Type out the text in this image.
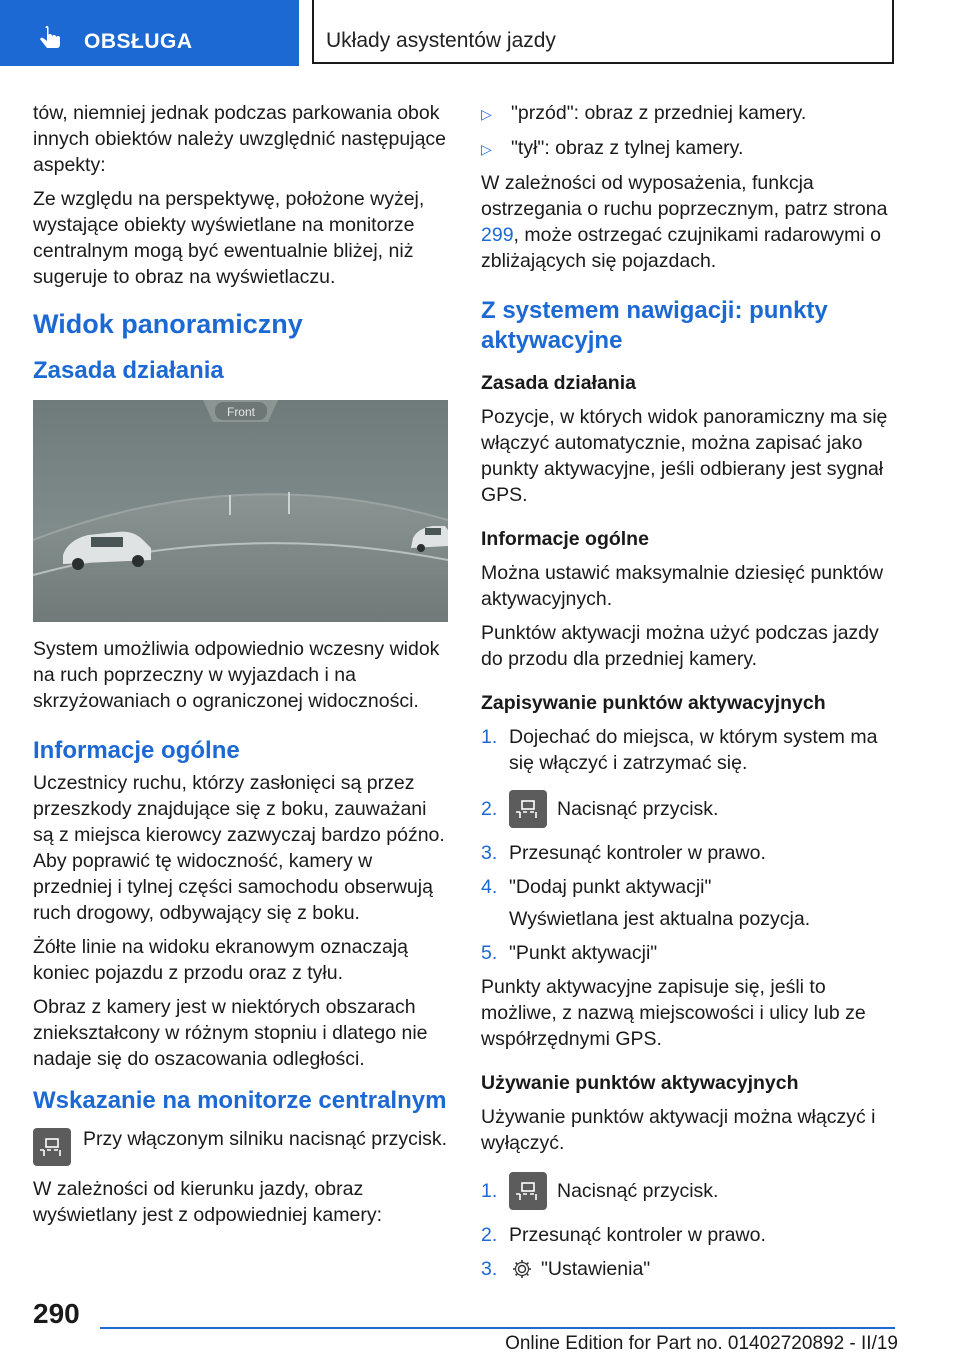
OBSŁUGA	Układy asystentów jazdy

tów, niemniej jednak podczas parkowania obok innych obiektów należy uwzględnić następujące aspekty:

Ze względu na perspektywę, położone wyżej, wystające obiekty wyświetlane na monitorze centralnym mogą być ewentualnie bliżej, niż sugeruje to obraz na wyświetlaczu.

Widok panoramiczny
Zasada działania
Front

System umożliwia odpowiednio wczesny widok na ruch poprzeczny w wyjazdach i na skrzyżowaniach o ograniczonej widoczności.

Informacje ogólne

Uczestnicy ruchu, którzy zasłonięci są przez przeszkody znajdujące się z boku, zauważani są z miejsca kierowcy zazwyczaj bardzo późno. Aby poprawić tę widoczność, kamery w przedniej i tylnej części samochodu obserwują ruch drogowy, odbywający się z boku.

Żółte linie na widoku ekranowym oznaczają koniec pojazdu z przodu oraz z tyłu.

Obraz z kamery jest w niektórych obszarach zniekształcony w różnym stopniu i dlatego nie nadaje się do oszacowania odległości.

Wskazanie na monitorze centralnym
Przy włączonym silniku nacisnąć przycisk.

W zależności od kierunku jazdy, obraz wyświetlany jest z odpowiedniej kamery:

▷ "przód": obraz z przedniej kamery.
▷ "tył": obraz z tylnej kamery.

W zależności od wyposażenia, funkcja ostrzegania o ruchu poprzecznym, patrz strona 299, może ostrzegać czujnikami radarowymi o zbliżających się pojazdach.

Z systemem nawigacji: punkty aktywacyjne
Zasada działania

Pozycje, w których widok panoramiczny ma się włączyć automatycznie, można zapisać jako punkty aktywacyjne, jeśli odbierany jest sygnał GPS.

Informacje ogólne

Można ustawić maksymalnie dziesięć punktów aktywacyjnych.

Punktów aktywacji można użyć podczas jazdy do przodu dla przedniej kamery.

Zapisywanie punktów aktywacyjnych
1. Dojechać do miejsca, w którym system ma się włączyć i zatrzymać się.
2.	Nacisnąć przycisk.
3. Przesunąć kontroler w prawo.
4. "Dodaj punkt aktywacji"
Wyświetlana jest aktualna pozycja.
5. "Punkt aktywacji"

Punkty aktywacyjne zapisuje się, jeśli to możliwe, z nazwą miejscowości i ulicy lub ze współrzędnymi GPS.

Używanie punktów aktywacyjnych

Używanie punktów aktywacji można włączyć i wyłączyć.

1.	Nacisnąć przycisk.
2. Przesunąć kontroler w prawo.
3.	"Ustawienia"
290
Online Edition for Part no. 01402720892 - II/19
